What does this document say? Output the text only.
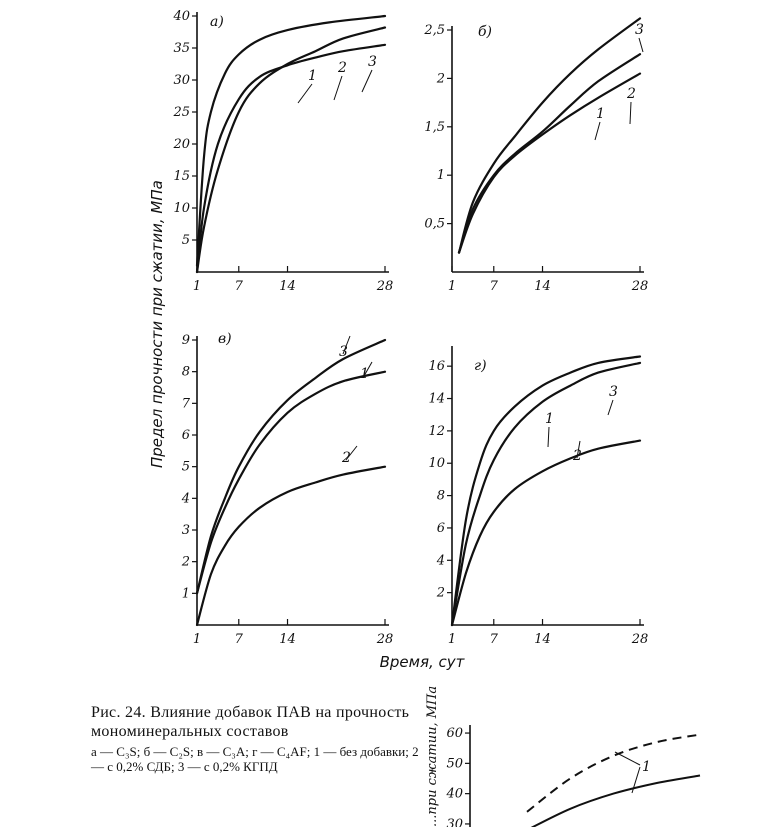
Предел прочности при сжатии, МПа
Время, сут
5
10
15
20
25
30
35
40
1	7	14	28
а)
1 2 3
0,5
1
1,5
2
2,5
1	7	14	28
б)
1
2
3
1
2
3
4
5
6
7
8
9
1	7	14	28
в)
1
2
3
2
4
6
8
10
12
14
16
1	7	14	28
г)
1
2
3
30
40
50
60
...при сжатии, МПа	1
Рис. 24. Влияние добавок ПАВ на прочность мономинеральных составов
а — C₃S; б — C₂S; в — C₃A; г — C₄AF; 1 — без добавки; 2 — с 0,2% СДБ; 3 — с 0,2% КГПД
